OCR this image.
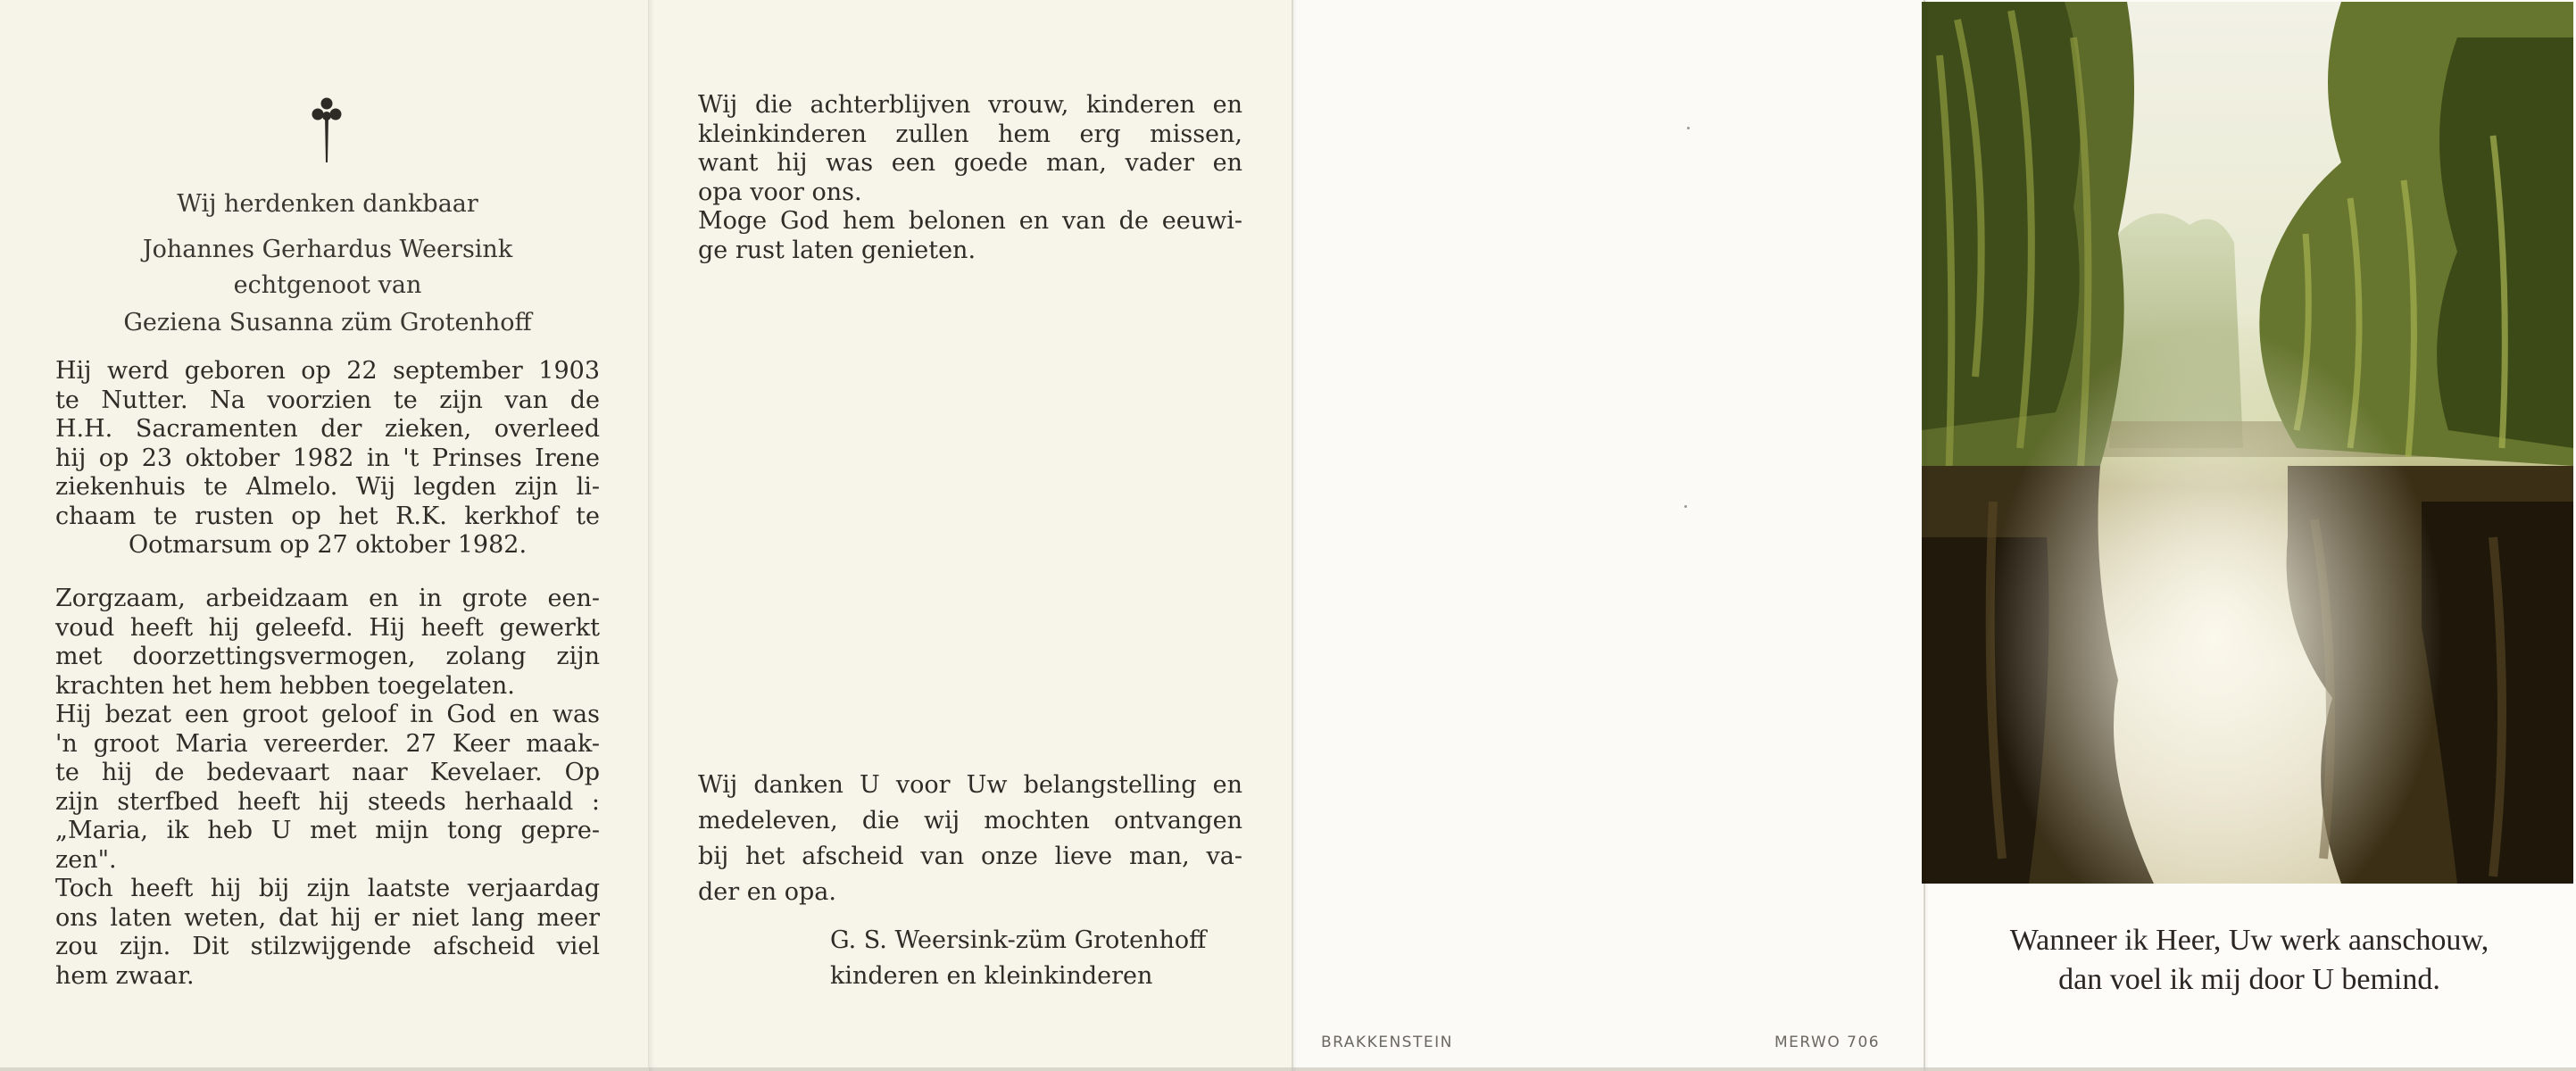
Wij herdenken dankbaar
Johannes Gerhardus Weersink
echtgenoot van
Geziena Susanna züm Grotenhoff
Hij werd geboren op 22 september 1903
te Nutter. Na voorzien te zijn van de
H.H. Sacramenten der zieken, overleed
hij op 23 oktober 1982 in 't Prinses Irene
ziekenhuis te Almelo. Wij legden zijn li-
chaam te rusten op het R.K. kerkhof te
Ootmarsum op 27 oktober 1982.
Zorgzaam, arbeidzaam en in grote een-
voud heeft hij geleefd. Hij heeft gewerkt
met doorzettingsvermogen, zolang zijn
krachten het hem hebben toegelaten.
Hij bezat een groot geloof in God en was
'n groot Maria vereerder. 27 Keer maak-
te hij de bedevaart naar Kevelaer. Op
zijn sterfbed heeft hij steeds herhaald :
„Maria, ik heb U met mijn tong gepre-
zen".
Toch heeft hij bij zijn laatste verjaardag
ons laten weten, dat hij er niet lang meer
zou zijn. Dit stilzwijgende afscheid viel
hem zwaar.
Wij die achterblijven vrouw, kinderen en
kleinkinderen zullen hem erg missen,
want hij was een goede man, vader en
opa voor ons.
Moge God hem belonen en van de eeuwi-
ge rust laten genieten.
Wij danken U voor Uw belangstelling en
medeleven, die wij mochten ontvangen
bij het afscheid van onze lieve man, va-
der en opa.
G. S. Weersink-züm Grotenhoff
kinderen en kleinkinderen
BRAKKENSTEIN	MERWO 706
Wanneer ik Heer, Uw werk aanschouw,
dan voel ik mij door U bemind.
